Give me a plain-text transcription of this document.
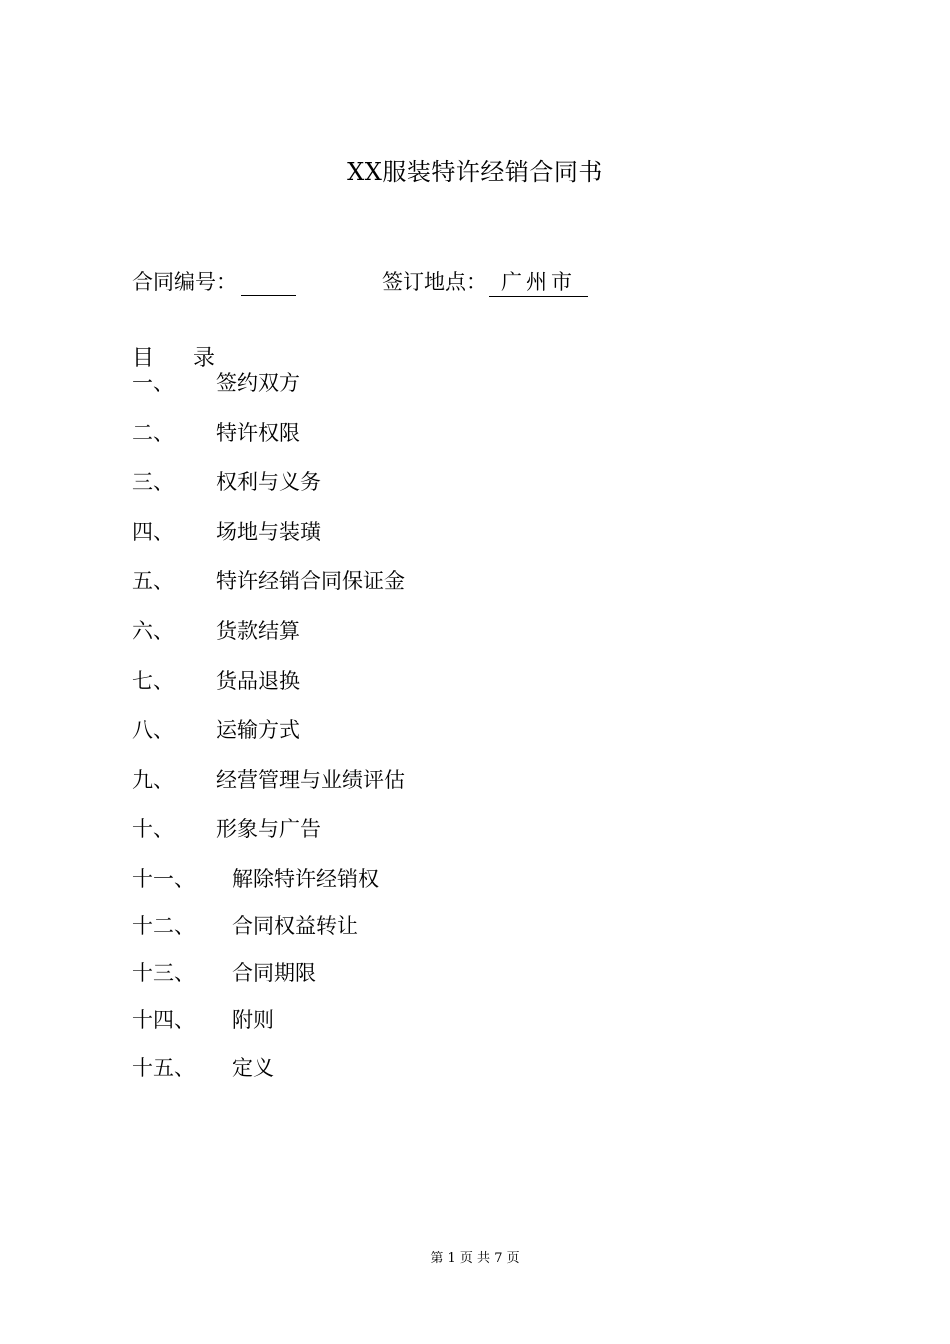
XX服装特许经销合同书
合同编号：	签订地点： 广州市
目 录
一、 签约双方
二、 特许权限
三、 权利与义务
四、 场地与装璜
五、 特许经销合同保证金
六、 货款结算
七、 货品退换
八、 运输方式
九、 经营管理与业绩评估
十、 形象与广告
十一、 解除特许经销权
十二、 合同权益转让
十三、 合同期限
十四、 附则
十五、 定义
第 1 页 共 7 页
